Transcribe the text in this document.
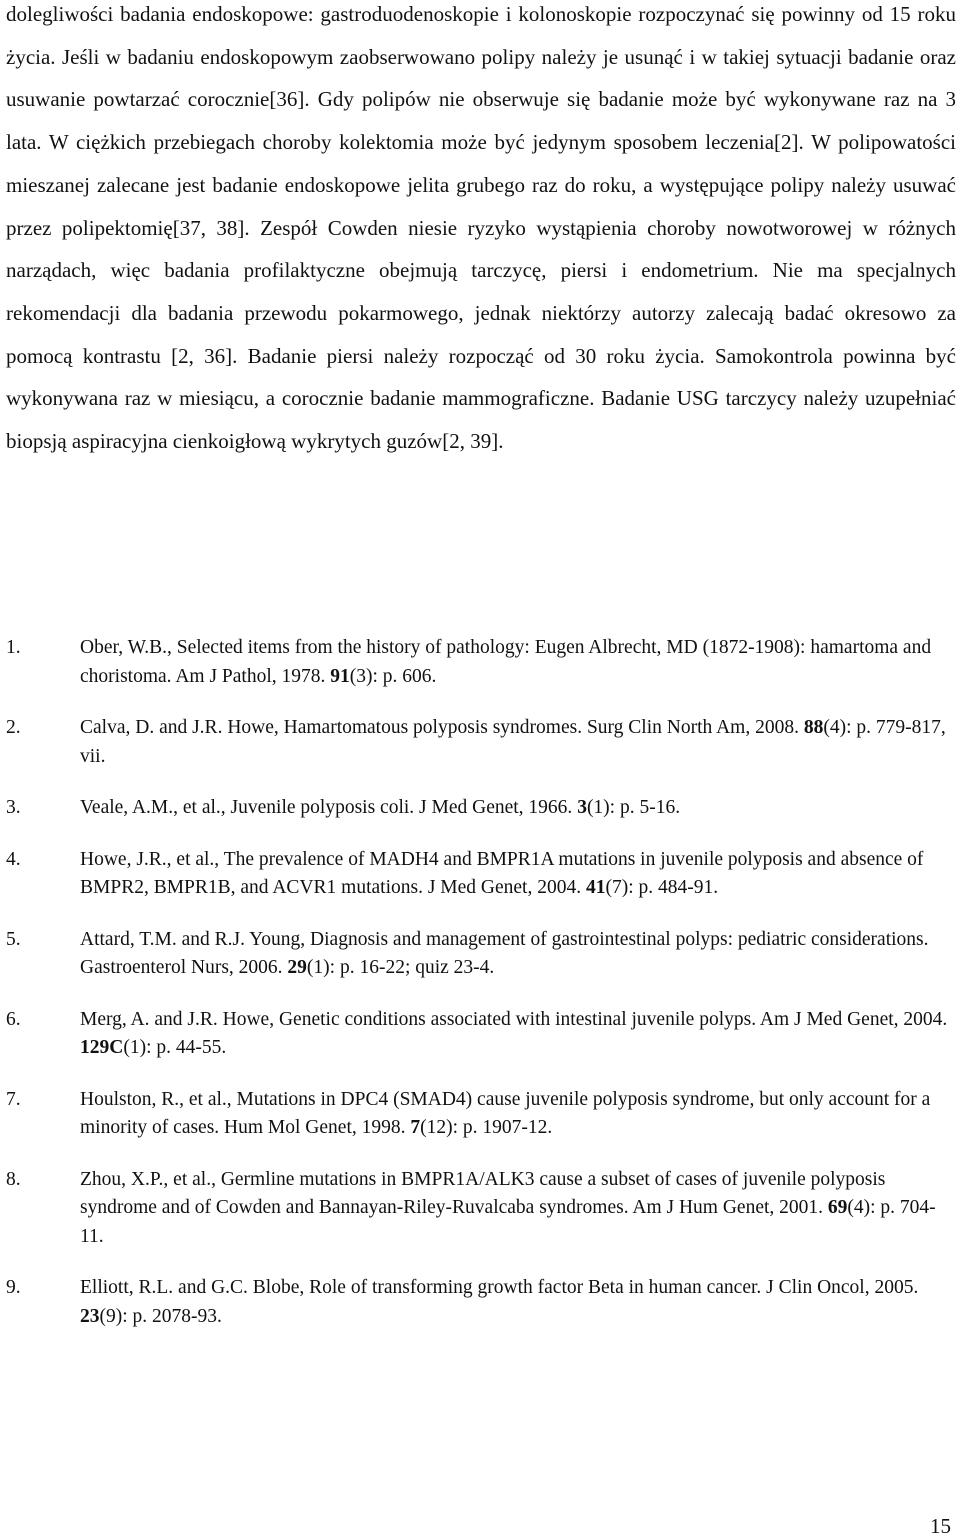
dolegliwości badania endoskopowe: gastroduodenoskopie i kolonoskopie rozpoczynać się powinny od 15 roku życia. Jeśli w badaniu endoskopowym zaobserwowano polipy należy je usunąć i w takiej sytuacji badanie oraz usuwanie powtarzać corocznie[36]. Gdy polipów nie obserwuje się badanie może być wykonywane raz na 3 lata. W ciężkich przebiegach choroby kolektomia może być jedynym sposobem leczenia[2]. W polipowatości mieszanej zalecane jest badanie endoskopowe jelita grubego raz do roku, a występujące polipy należy usuwać przez polipektomię[37, 38]. Zespół Cowden niesie ryzyko wystąpienia choroby nowotworowej w różnych narządach, więc badania profilaktyczne obejmują tarczycę, piersi i endometrium. Nie ma specjalnych rekomendacji dla badania przewodu pokarmowego, jednak niektórzy autorzy zalecają badać okresowo za pomocą kontrastu [2, 36]. Badanie piersi należy rozpocząć od 30 roku życia. Samokontrola powinna być wykonywana raz w miesiącu, a corocznie badanie mammograficzne. Badanie USG tarczycy należy uzupełniać biopsją aspiracyjna cienkoigłową wykrytych guzów[2, 39].

1.	Ober, W.B., Selected items from the history of pathology: Eugen Albrecht, MD (1872-1908): hamartoma and choristoma. Am J Pathol, 1978. 91(3): p. 606.
2.	Calva, D. and J.R. Howe, Hamartomatous polyposis syndromes. Surg Clin North Am, 2008. 88(4): p. 779-817, vii.
3.	Veale, A.M., et al., Juvenile polyposis coli. J Med Genet, 1966. 3(1): p. 5-16.
4.	Howe, J.R., et al., The prevalence of MADH4 and BMPR1A mutations in juvenile polyposis and absence of BMPR2, BMPR1B, and ACVR1 mutations. J Med Genet, 2004. 41(7): p. 484-91.
5.	Attard, T.M. and R.J. Young, Diagnosis and management of gastrointestinal polyps: pediatric considerations. Gastroenterol Nurs, 2006. 29(1): p. 16-22; quiz 23-4.
6.	Merg, A. and J.R. Howe, Genetic conditions associated with intestinal juvenile polyps. Am J Med Genet, 2004. 129C(1): p. 44-55.
7.	Houlston, R., et al., Mutations in DPC4 (SMAD4) cause juvenile polyposis syndrome, but only account for a minority of cases. Hum Mol Genet, 1998. 7(12): p. 1907-12.
8.	Zhou, X.P., et al., Germline mutations in BMPR1A/ALK3 cause a subset of cases of juvenile polyposis syndrome and of Cowden and Bannayan-Riley-Ruvalcaba syndromes. Am J Hum Genet, 2001. 69(4): p. 704-11.
9.	Elliott, R.L. and G.C. Blobe, Role of transforming growth factor Beta in human cancer. J Clin Oncol, 2005. 23(9): p. 2078-93.
15
